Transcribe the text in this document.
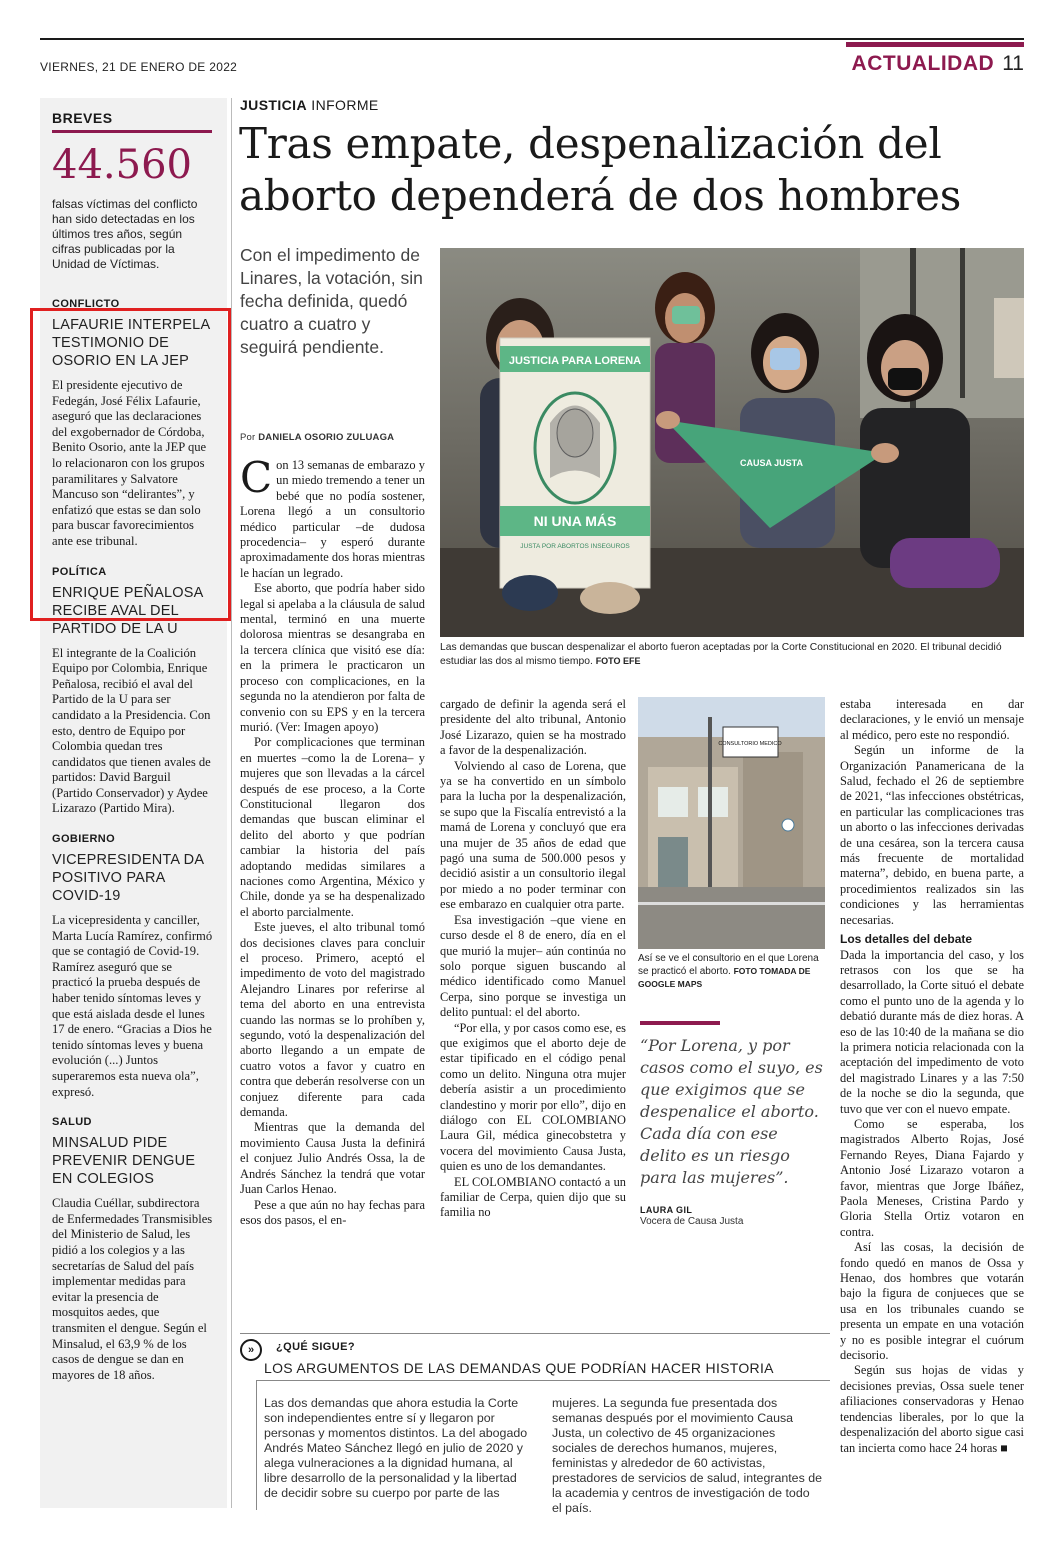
VIERNES, 21 DE ENERO DE 2022	ACTUALIDAD 11
BREVES
44.560
falsas víctimas del conflicto han sido detectadas en los últimos tres años, según cifras publicadas por la Unidad de Víctimas.
CONFLICTO
LAFAURIE INTERPELA TESTIMONIO DE OSORIO EN LA JEP
El presidente ejecutivo de Fedegán, José Félix Lafaurie, aseguró que las declaraciones del exgobernador de Córdoba, Benito Osorio, ante la JEP que lo relacionaron con los grupos paramilitares y Salvatore Mancuso son “delirantes”, y enfatizó que estas se dan solo para buscar favorecimientos ante ese tribunal.
POLÍTICA
ENRIQUE PEÑALOSA RECIBE AVAL DEL PARTIDO DE LA U
El integrante de la Coalición Equipo por Colombia, Enrique Peñalosa, recibió el aval del Partido de la U para ser candidato a la Presidencia. Con esto, dentro de Equipo por Colombia quedan tres candidatos que tienen avales de partidos: David Barguil (Partido Conservador) y Aydee Lizarazo (Partido Mira).
GOBIERNO
VICEPRESIDENTA DA POSITIVO PARA COVID-19
La vicepresidenta y canciller, Marta Lucía Ramírez, confirmó que se contagió de Covid-19. Ramírez aseguró que se practicó la prueba después de haber tenido síntomas leves y que está aislada desde el lunes 17 de enero. “Gracias a Dios he tenido síntomas leves y buena evolución (...) Juntos superaremos esta nueva ola”, expresó.
SALUD
MINSALUD PIDE PREVENIR DENGUE EN COLEGIOS
Claudia Cuéllar, subdirectora de Enfermedades Transmisibles del Ministerio de Salud, les pidió a los colegios y a las secretarías de Salud del país implementar medidas para evitar la presencia de mosquitos aedes, que transmiten el dengue. Según el Minsalud, el 63,9 % de los casos de dengue se dan en mayores de 18 años.
JUSTICIA INFORME
Tras empate, despenalización del aborto dependerá de dos hombres
Con el impedimento de Linares, la votación, sin fecha definida, quedó cuatro a cuatro y seguirá pendiente.
Por DANIELA OSORIO ZULUAGA
JUSTICIA PARA LORENA
NI UNA MÁS
JUSTA POR ABORTOS INSEGUROS
CAUSA JUSTA
Las demandas que buscan despenalizar el aborto fueron aceptadas por la Corte Constitucional en 2020. El tribunal decidió estudiar las dos al mismo tiempo. FOTO EFE
C on 13 semanas de embarazo y un miedo tremendo a tener un bebé que no podía sostener, Lorena llegó a un consultorio médico particular –de dudosa procedencia– y esperó durante aproximadamente dos horas mientras le hacían un legrado.

Ese aborto, que podría haber sido legal si apelaba a la cláusula de salud mental, terminó en una muerte dolorosa mientras se desangraba en la tercera clínica que visitó ese día: en la primera le practicaron un proceso con complicaciones, en la segunda no la atendieron por falta de convenio con su EPS y en la tercera murió. (Ver: Imagen apoyo)

Por complicaciones que terminan en muertes –como la de Lorena– y mujeres que son llevadas a la cárcel después de ese proceso, a la Corte Constitucional llegaron dos demandas que buscan eliminar el delito del aborto y que podrían cambiar la historia del país adoptando medidas similares a naciones como Argentina, México y Chile, donde ya se ha despenalizado el aborto parcialmente.

Este jueves, el alto tribunal tomó dos decisiones claves para concluir el proceso. Primero, aceptó el impedimento de voto del magistrado Alejandro Linares por referirse al tema del aborto en una entrevista cuando las normas se lo prohíben y, segundo, votó la despenalización del aborto llegando a un empate de cuatro votos a favor y cuatro en contra que deberán resolverse con un conjuez diferente para cada demanda.

Mientras que la demanda del movimiento Causa Justa la definirá el conjuez Julio Andrés Ossa, la de Andrés Sánchez la tendrá que votar Juan Carlos Henao.

Pese a que aún no hay fechas para esos dos pasos, el en-

cargado de definir la agenda será el presidente del alto tribunal, Antonio José Lizarazo, quien se ha mostrado a favor de la despenalización.

Volviendo al caso de Lorena, que ya se ha convertido en un símbolo para la lucha por la despenalización, se supo que la Fiscalía entrevistó a la mamá de Lorena y concluyó que era una mujer de 35 años de edad que pagó una suma de 500.000 pesos y decidió asistir a un consultorio ilegal por miedo a no poder terminar con ese embarazo en cualquier otra parte.

Esa investigación –que viene en curso desde el 8 de enero, día en el que murió la mujer– aún continúa no solo porque siguen buscando al médico identificado como Manuel Cerpa, sino porque se investiga un delito puntual: el del aborto.

“Por ella, y por casos como ese, es que exigimos que el aborto deje de estar tipificado en el código penal como un delito. Ninguna otra mujer debería asistir a un procedimiento clandestino y morir por ello”, dijo en diálogo con EL COLOMBIANO Laura Gil, médica ginecobstetra y vocera del movimiento Causa Justa, quien es uno de los demandantes.

EL COLOMBIANO contactó a un familiar de Cerpa, quien dijo que su familia no

CONSULTORIO MEDICO
Así se ve el consultorio en el que Lorena se practicó el aborto. FOTO TOMADA DE GOOGLE MAPS
“Por Lorena, y por casos como el suyo, es que exigimos que se despenalice el aborto. Cada día con ese delito es un riesgo para las mujeres”.
LAURA GIL
Vocera de Causa Justa

estaba interesada en dar declaraciones, y le envió un mensaje al médico, pero este no respondió.

Según un informe de la Organización Panamericana de la Salud, fechado el 26 de septiembre de 2021, “las infecciones obstétricas, en particular las complicaciones tras un aborto o las infecciones derivadas de una cesárea, son la tercera causa más frecuente de mortalidad materna”, debido, en buena parte, a procedimientos realizados sin las condiciones y las herramientas necesarias.

Los detalles del debate

Dada la importancia del caso, y los retrasos con los que se ha desarrollado, la Corte situó el debate como el punto uno de la agenda y lo debatió durante más de diez horas. A eso de las 10:40 de la mañana se dio la primera noticia relacionada con la aceptación del impedimento de voto del magistrado Linares y a las 7:50 de la noche se dio la segunda, que tuvo que ver con el nuevo empate.

Como se esperaba, los magistrados Alberto Rojas, José Fernando Reyes, Diana Fajardo y Antonio José Lizarazo votaron a favor, mientras que Jorge Ibáñez, Paola Meneses, Cristina Pardo y Gloria Stella Ortiz votaron en contra.

Así las cosas, la decisión de fondo quedó en manos de Ossa y Henao, dos hombres que votarán bajo la figura de conjueces que se usa en los tribunales cuando se presenta un empate en una votación y no es posible integrar el cuórum decisorio.

Según sus hojas de vidas y decisiones previas, Ossa suele tener afiliaciones conservadoras y Henao tendencias liberales, por lo que la despenalización del aborto sigue casi tan incierta como hace 24 horas ■

»	¿QUÉ SIGUE?
LOS ARGUMENTOS DE LAS DEMANDAS QUE PODRÍAN HACER HISTORIA
Las dos demandas que ahora estudia la Corte son independientes entre sí y llegaron por personas y momentos distintos. La del abogado Andrés Mateo Sánchez llegó en julio de 2020 y alega vulneraciones a la dignidad humana, al libre desarrollo de la personalidad y la libertad de decidir sobre su cuerpo por parte de las
mujeres. La segunda fue presentada dos semanas después por el movimiento Causa Justa, un colectivo de 45 organizaciones sociales de derechos humanos, mujeres, feministas y alrededor de 60 activistas, prestadores de servicios de salud, integrantes de la academia y centros de investigación de todo el país.
